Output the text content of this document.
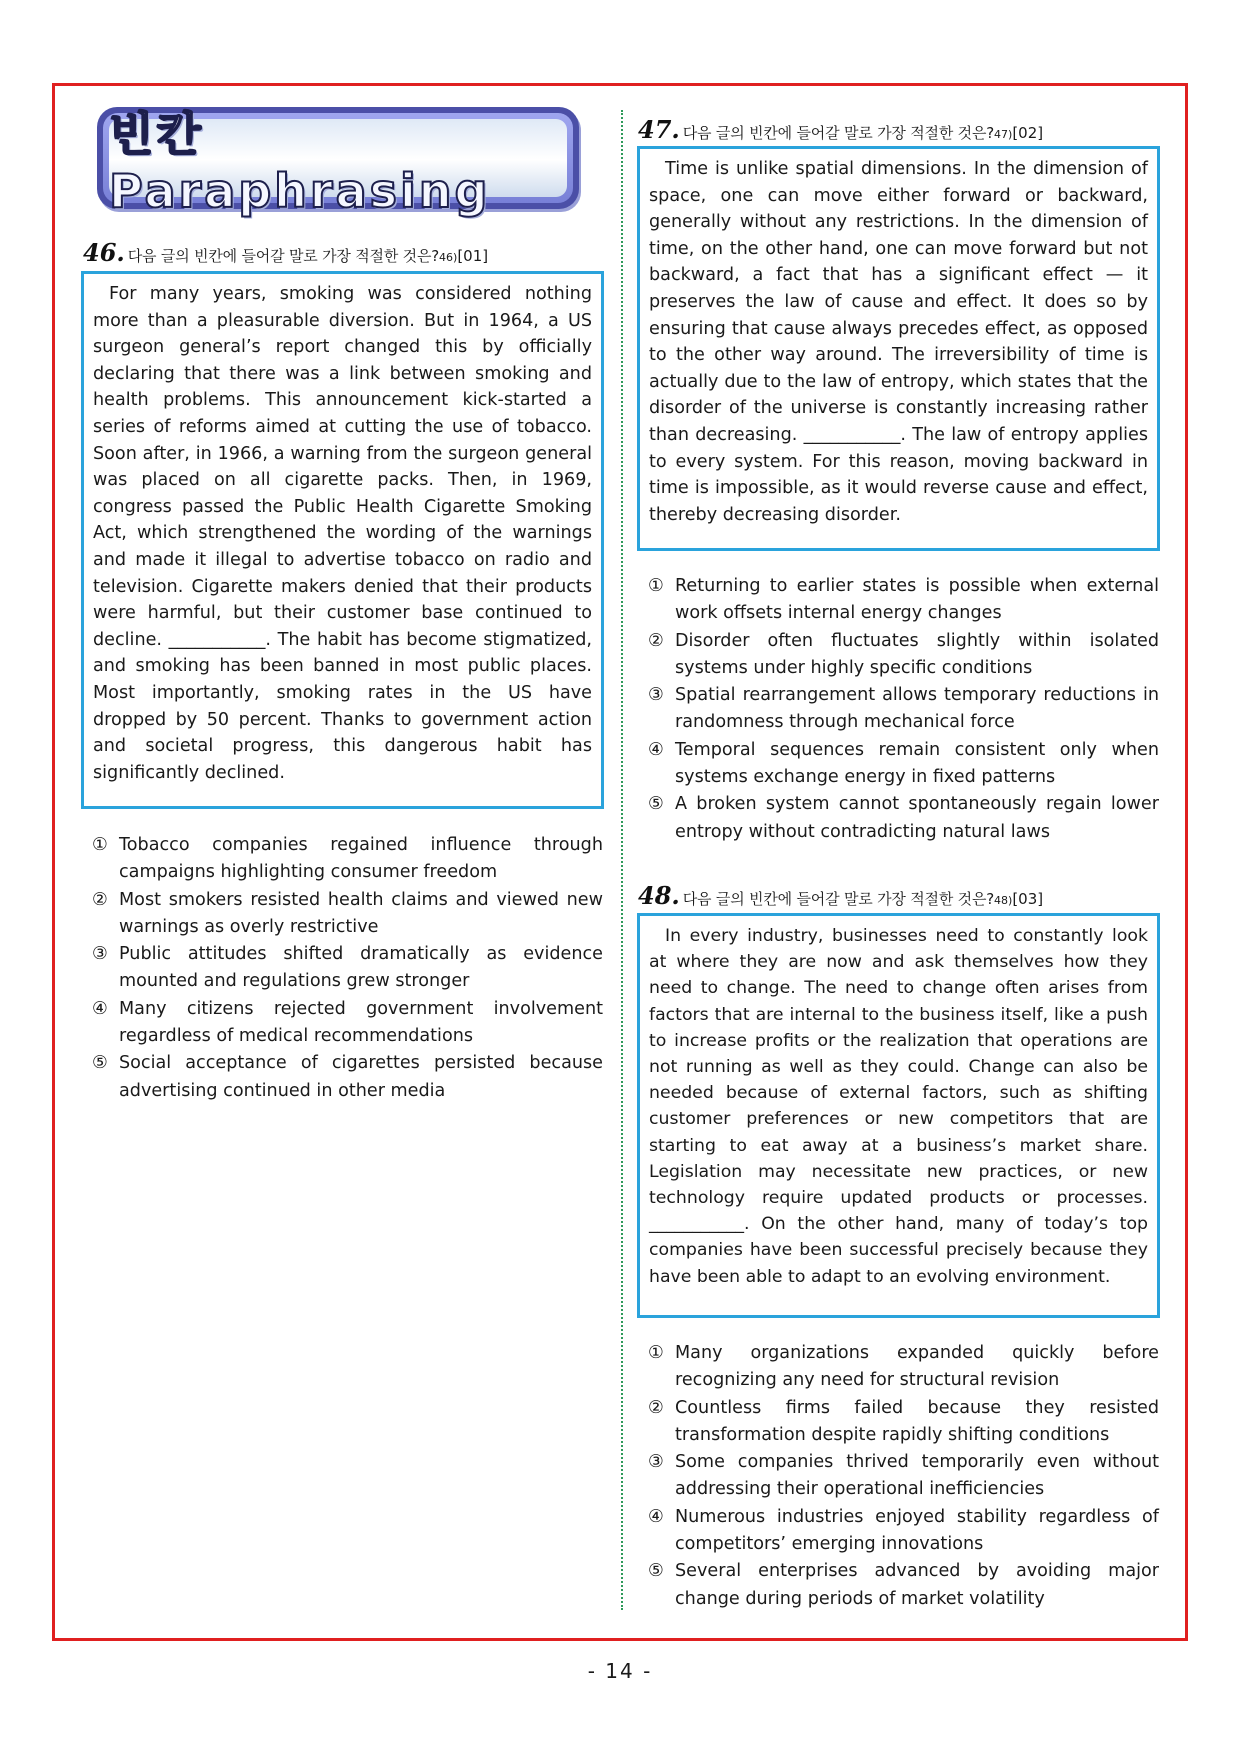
빈칸 Paraphrasing
46. 다음 글의 빈칸에 들어갈 말로 가장 적절한 것은? 46) [01]

For many years, smoking was considered nothing more than a pleasurable diversion. But in 1964, a US surgeon general’s report changed this by officially declaring that there was a link between smoking and health problems. This announcement kick-started a series of reforms aimed at cutting the use of tobacco. Soon after, in 1966, a warning from the surgeon general was placed on all cigarette packs. Then, in 1969, congress passed the Public Health Cigarette Smoking Act, which strengthened the wording of the warnings and made it illegal to advertise tobacco on radio and television. Cigarette makers denied that their products were harmful, but their customer base continued to decline. ___________. The habit has become stigmatized, and smoking has been banned in most public places. Most importantly, smoking rates in the US have dropped by 50 percent. Thanks to government action and societal progress, this dangerous habit has significantly declined.

① Tobacco companies regained influence through campaigns highlighting consumer freedom
② Most smokers resisted health claims and viewed new warnings as overly restrictive
③ Public attitudes shifted dramatically as evidence mounted and regulations grew stronger
④ Many citizens rejected government involvement regardless of medical recommendations
⑤ Social acceptance of cigarettes persisted because advertising continued in other media
47. 다음 글의 빈칸에 들어갈 말로 가장 적절한 것은? 47) [02]

Time is unlike spatial dimensions. In the dimension of space, one can move either forward or backward, generally without any restrictions. In the dimension of time, on the other hand, one can move forward but not backward, a fact that has a significant effect — it preserves the law of cause and effect. It does so by ensuring that cause always precedes effect, as opposed to the other way around. The irreversibility of time is actually due to the law of entropy, which states that the disorder of the universe is constantly increasing rather than decreasing. ___________. The law of entropy applies to every system. For this reason, moving backward in time is impossible, as it would reverse cause and effect, thereby decreasing disorder.

① Returning to earlier states is possible when external work offsets internal energy changes
② Disorder often fluctuates slightly within isolated systems under highly specific conditions
③ Spatial rearrangement allows temporary reductions in randomness through mechanical force
④ Temporal sequences remain consistent only when systems exchange energy in fixed patterns
⑤ A broken system cannot spontaneously regain lower entropy without contradicting natural laws
48. 다음 글의 빈칸에 들어갈 말로 가장 적절한 것은? 48) [03]

In every industry, businesses need to constantly look at where they are now and ask themselves how they need to change. The need to change often arises from factors that are internal to the business itself, like a push to increase profits or the realization that operations are not running as well as they could. Change can also be needed because of external factors, such as shifting customer preferences or new competitors that are starting to eat away at a business’s market share. Legislation may necessitate new practices, or new technology require updated products or processes. ___________. On the other hand, many of today’s top companies have been successful precisely because they have been able to adapt to an evolving environment.

① Many organizations expanded quickly before recognizing any need for structural revision
② Countless firms failed because they resisted transformation despite rapidly shifting conditions
③ Some companies thrived temporarily even without addressing their operational inefficiencies
④ Numerous industries enjoyed stability regardless of competitors’ emerging innovations
⑤ Several enterprises advanced by avoiding major change during periods of market volatility
- 14 -
